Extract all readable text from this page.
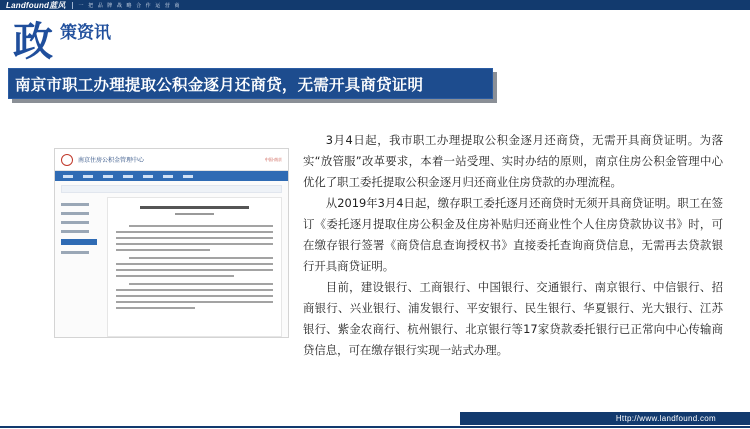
Landfound蓝风	一 把 品 牌 战 略 合 作 运 营 商
政 策资讯
南京市职工办理提取公积金逐月还商贷，无需开具商贷证明
南京住房公积金管理中心	中国·南京

3月4日起，我市职工办理提取公积金逐月还商贷，无需开具商贷证明。为落实“放管服”改革要求，本着一站受理、实时办结的原则，南京住房公积金管理中心优化了职工委托提取公积金逐月归还商业住房贷款的办理流程。

从2019年3月4日起，缴存职工委托逐月还商贷时无须开具商贷证明。职工在签订《委托逐月提取住房公积金及住房补贴归还商业性个人住房贷款协议书》时，可在缴存银行签署《商贷信息查询授权书》直接委托查询商贷信息，无需再去贷款银行开具商贷证明。

目前，建设银行、工商银行、中国银行、交通银行、南京银行、中信银行、招商银行、兴业银行、浦发银行、平安银行、民生银行、华夏银行、光大银行、江苏银行、紫金农商行、杭州银行、北京银行等17家贷款委托银行已正常向中心传输商贷信息，可在缴存银行实现一站式办理。

Http://www.landfound.com
